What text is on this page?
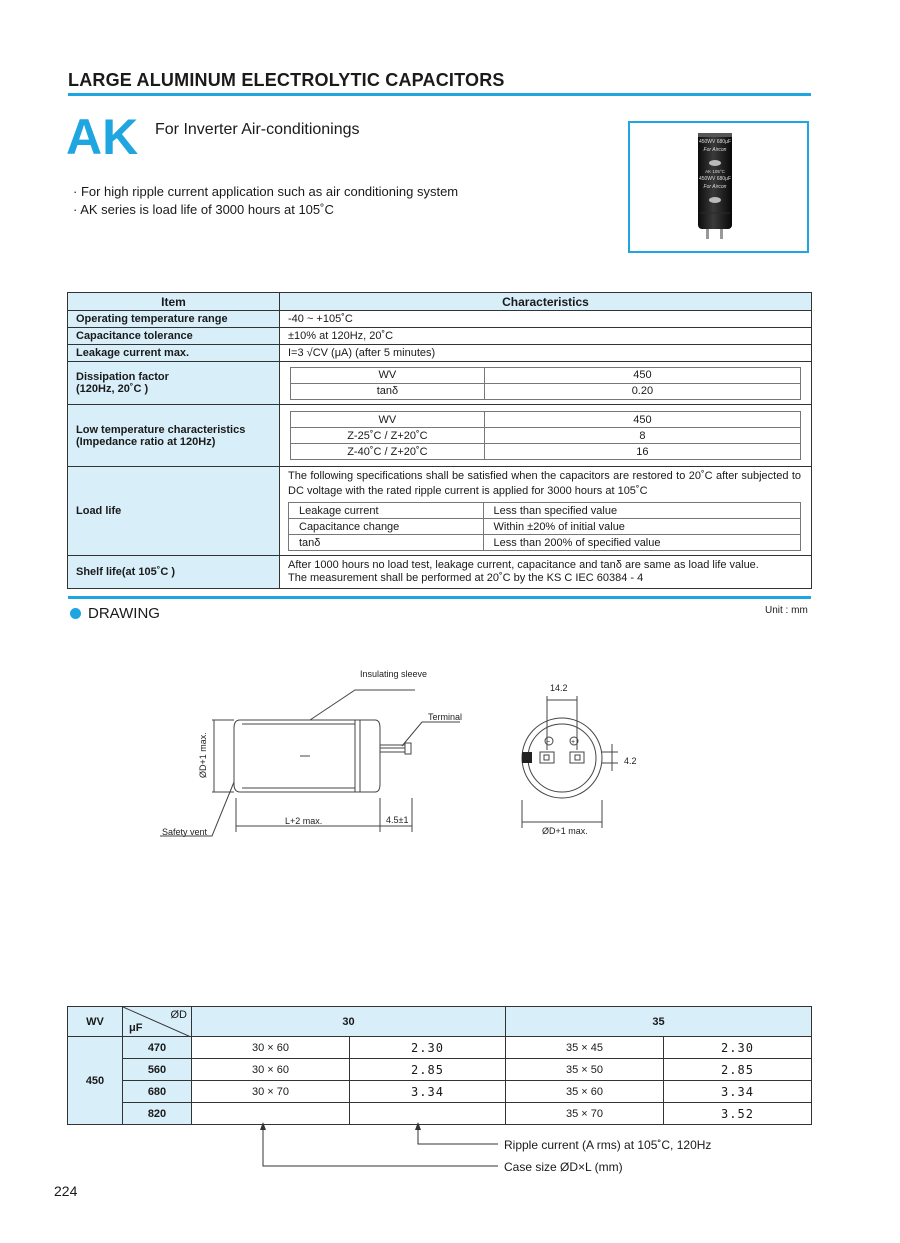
LARGE ALUMINUM ELECTROLYTIC CAPACITORS
AK For Inverter Air-conditionings
· For high ripple current application such as air conditioning system
· AK series is load life of 3000 hours at 105˚C
450WV 680μF
For Aircon
AK 105°C
450WV 680μF
For Aircon
Item	Characteristics
Operating temperature range	-40 ~ +105˚C
Capacitance tolerance	±10% at 120Hz, 20˚C
Leakage current max.	I=3 √CV (μA) (after 5 minutes)

Dissipation factor
(120Hz, 20˚C )

WV	450
tanδ	0.20

Low temperature characteristics
(Impedance ratio at 120Hz)

WV	450
Z-25˚C / Z+20˚C	8
Z-40˚C / Z+20˚C	16

Load life	
The following specifications shall be satisfied when the capacitors are restored to 20˚C after subjected to DC voltage with the rated ripple current is applied for 3000 hours at 105˚C
Leakage current	Less than specified value
Capacitance change	Within ±20% of initial value
tanδ	Less than 200% of specified value

Shelf life(at 105˚C )	
After 1000 hours no load test, leakage current, capacitance and tanδ are same as load life value.
The measurement shall be performed at 20˚C by the KS C IEC 60384 - 4
DRAWING	Unit : mm
Insulating sleeve
Terminal
ØD+1 max.
L+2 max.	4.5±1
Safety vent
14.2
4.2
ØD+1 max.
−	+
WV	ØD
μF	30		35	
450	470	30 × 60	2.30	35 × 45	2.30
	560	30 × 60	2.85	35 × 50	2.85
	680	30 × 70	3.34	35 × 60	3.34
	820			35 × 70	3.52
Ripple current (A rms) at 105˚C, 120Hz
Case size ØD×L (mm)
224
